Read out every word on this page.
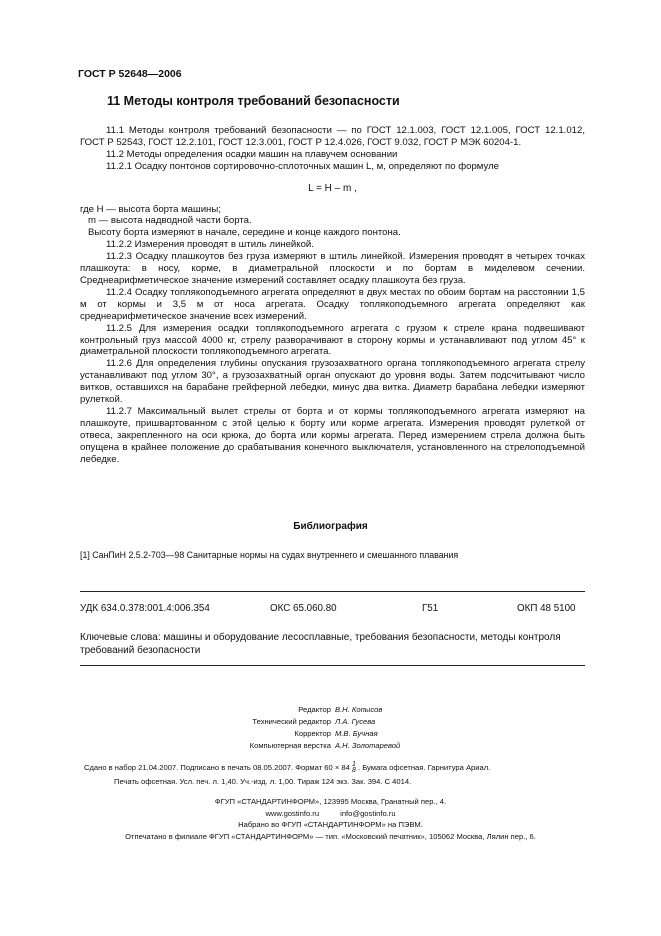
ГОСТ Р 52648—2006
11 Методы контроля требований безопасности

11.1 Методы контроля требований безопасности — по ГОСТ 12.1.003, ГОСТ 12.1.005, ГОСТ 12.1.012, ГОСТ Р 52543, ГОСТ 12.2.101, ГОСТ 12.3.001, ГОСТ Р 12.4.026, ГОСТ 9.032, ГОСТ Р МЭК 60204-1.

11.2 Методы определения осадки машин на плавучем основании

11.2.1 Осадку понтонов сортировочно-сплоточных машин L, м, определяют по формуле

L = H – m ,

где H — высота борта машины;

m — высота надводной части борта.

Высоту борта измеряют в начале, середине и конце каждого понтона.

11.2.2 Измерения проводят в штиль линейкой.

11.2.3 Осадку плашкоутов без груза измеряют в штиль линейкой. Измерения проводят в четырех точках плашкоута: в носу, корме, в диаметральной плоскости и по бортам в миделевом сечении. Среднеарифметическое значение измерений составляет осадку плашкоута без груза.

11.2.4 Осадку топлякоподъемного агрегата определяют в двух местах по обоим бортам на расстоянии 1,5 м от кормы и 3,5 м от носа агрегата. Осадку топлякоподъемного агрегата определяют как среднеарифметическое значение всех измерений.

11.2.5 Для измерения осадки топлякоподъемного агрегата с грузом к стреле крана подвешивают контрольный груз массой 4000 кг, стрелу разворачивают в сторону кормы и устанавливают под углом 45° к диаметральной плоскости топлякоподъемного агрегата.

11.2.6 Для определения глубины опускания грузозахватного органа топлякоподъемного агрегата стрелу устанавливают под углом 30°, а грузозахватный орган опускают до уровня воды. Затем подсчитывают число витков, оставшихся на барабане грейферной лебедки, минус два витка. Диаметр барабана лебедки измеряют рулеткой.

11.2.7 Максимальный вылет стрелы от борта и от кормы топлякоподъемного агрегата измеряют на плашкоуте, пришвартованном с этой целью к борту или корме агрегата. Измерения проводят рулеткой от отвеса, закрепленного на оси крюка, до борта или кормы агрегата. Перед измерением стрела должна быть опущена в крайнее положение до срабатывания конечного выключателя, установленного на стрелоподъемной лебедке.

Библиография
[1] СанПиН 2.5.2-703—98 Санитарные нормы на судах внутреннего и смешанного плавания
УДК 634.0.378:001.4:006.354	ОКС 65.060.80	Г51	ОКП 48 5100
Ключевые слова: машины и оборудование лесосплавные, требования безопасности, методы контроля требований безопасности
Редактор В.Н. Копысов
Технический редактор Л.А. Гусева
Корректор М.В. Бучная
Компьютерная верстка А.Н. Золотаревой
Сдано в набор 21.04.2007. Подписано в печать 08.05.2007. Формат 60 × 84 1
8 . Бумага офсетная. Гарнитура Ариал.
Печать офсетная. Усл. печ. л. 1,40. Уч.-изд. л. 1,00. Тираж 124 экз. Зак. 394. С 4014.
ФГУП «СТАНДАРТИНФОРМ», 123995 Москва, Гранатный пер., 4.
www.gostinfo.ru          info@gostinfo.ru
Набрано во ФГУП «СТАНДАРТИНФОРМ» на ПЭВМ.
Отпечатано в филиале ФГУП «СТАНДАРТИНФОРМ» — тип. «Московский печатник», 105062 Москва, Лялин пер., 6.
